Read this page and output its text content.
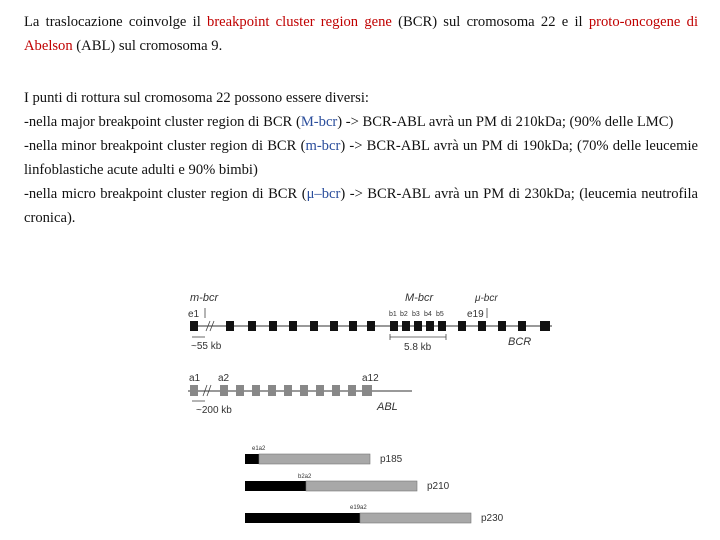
La traslocazione coinvolge il breakpoint cluster region gene (BCR) sul cromosoma 22 e il proto-oncogene di Abelson (ABL) sul cromosoma 9.
I punti di rottura sul cromosoma 22 possono essere diversi:
-nella major breakpoint cluster region di BCR (M-bcr) -> BCR-ABL avrà un PM di 210kDa; (90% delle LMC)
-nella minor breakpoint cluster region di BCR (m-bcr) -> BCR-ABL avrà un PM di 190kDa; (70% delle leucemie linfoblastiche acute adulti e 90% bimbi)
-nella micro breakpoint cluster region di BCR (μ–bcr) -> BCR-ABL avrà un PM di 230kDa; (leucemia neutrofila cronica).
m-bcr	M-bcr	μ-bcr
e1	b1 b2 b3 b4 b5 e19
~55 kb	5.8 kb	BCR
a1 a2	a12
~200 kb	ABL
e1a2
p185
b2a2
p210
e19a2
p230
